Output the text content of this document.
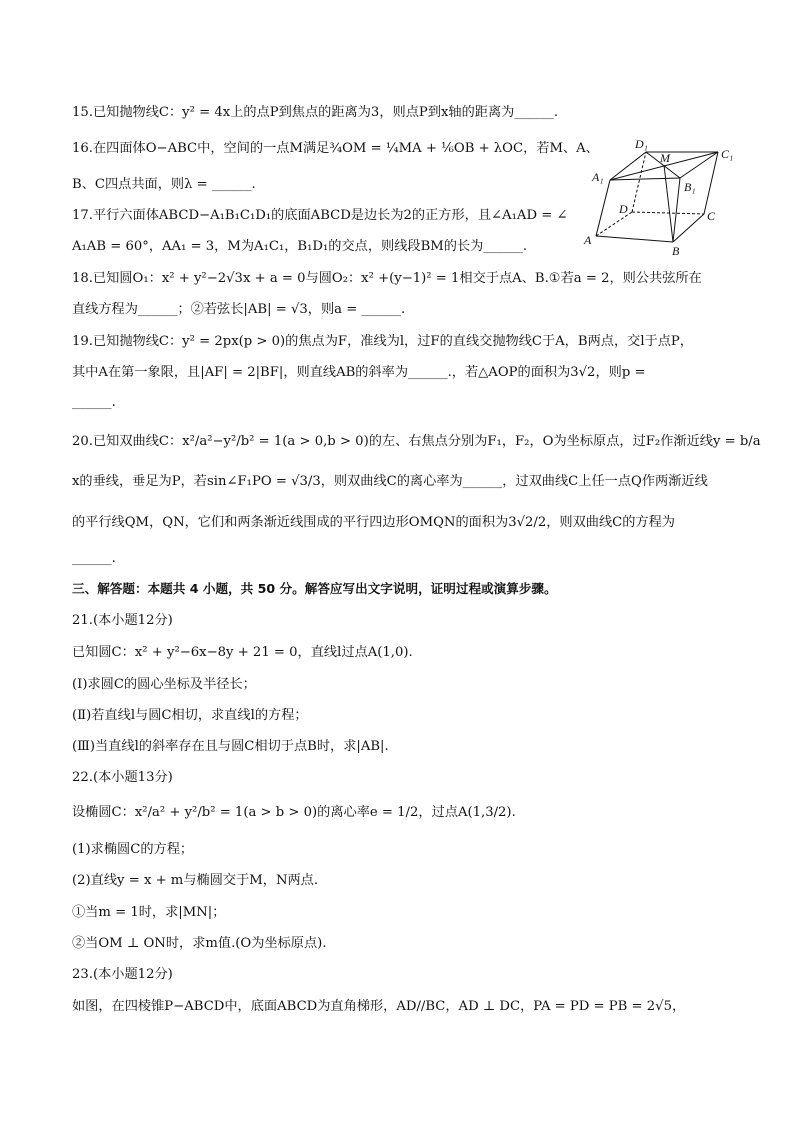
15.已知抛物线C：y² = 4x上的点P到焦点的距离为3，则点P到x轴的距离为______.
16.在四面体O−ABC中，空间的一点M满足¾OM = ¼MA + ⅙OB + λOC，若M、A、
B、C四点共面，则λ = ______.
17.平行六面体ABCD−A₁B₁C₁D₁的底面ABCD是边长为2的正方形，且∠A₁AD = ∠
A₁AB = 60°，AA₁ = 3，M为A₁C₁，B₁D₁的交点，则线段BM的长为______.
18.已知圆O₁：x² + y²−2√3x + a = 0与圆O₂：x² +(y−1)² = 1相交于点A、B.①若a = 2，则公共弦所在
直线方程为______；②若弦长|AB| = √3，则a = ______.
19.已知抛物线C：y² = 2px(p > 0)的焦点为F，准线为l，过F的直线交抛物线C于A，B两点，交l于点P，
其中A在第一象限，且|AF| = 2|BF|，则直线AB的斜率为______.，若△AOP的面积为3√2，则p =
______.
20.已知双曲线C：x²/a²−y²/b² = 1(a > 0,b > 0)的左、右焦点分别为F₁，F₂，O为坐标原点，过F₂作渐近线y = b/a
x的垂线，垂足为P，若sin∠F₁PO = √3/3，则双曲线C的离心率为______，过双曲线C上任一点Q作两渐近线
的平行线QM，QN，它们和两条渐近线围成的平行四边形OMQN的面积为3√2/2，则双曲线C的方程为
______.
三、解答题：本题共 4 小题，共 50 分。解答应写出文字说明，证明过程或演算步骤。
21.(本小题12分)
已知圆C：x² + y²−6x−8y + 21 = 0，直线l过点A(1,0).
(Ⅰ)求圆C的圆心坐标及半径长；
(Ⅱ)若直线l与圆C相切，求直线l的方程；
(Ⅲ)当直线l的斜率存在且与圆C相切于点B时，求|AB|.
22.(本小题13分)
设椭圆C：x²/a² + y²/b² = 1(a > b > 0)的离心率e = 1/2，过点A(1,3/2).
(1)求椭圆C的方程；
(2)直线y = x + m与椭圆交于M，N两点.
①当m = 1时，求|MN|；
②当OM ⊥ ON时，求m值.(O为坐标原点).
23.(本小题12分)
如图，在四棱锥P−ABCD中，底面ABCD为直角梯形，AD//BC，AD ⊥ DC，PA = PD = PB = 2√5，
D₁
M	C₁
A₁
B₁
D	C
A
B
